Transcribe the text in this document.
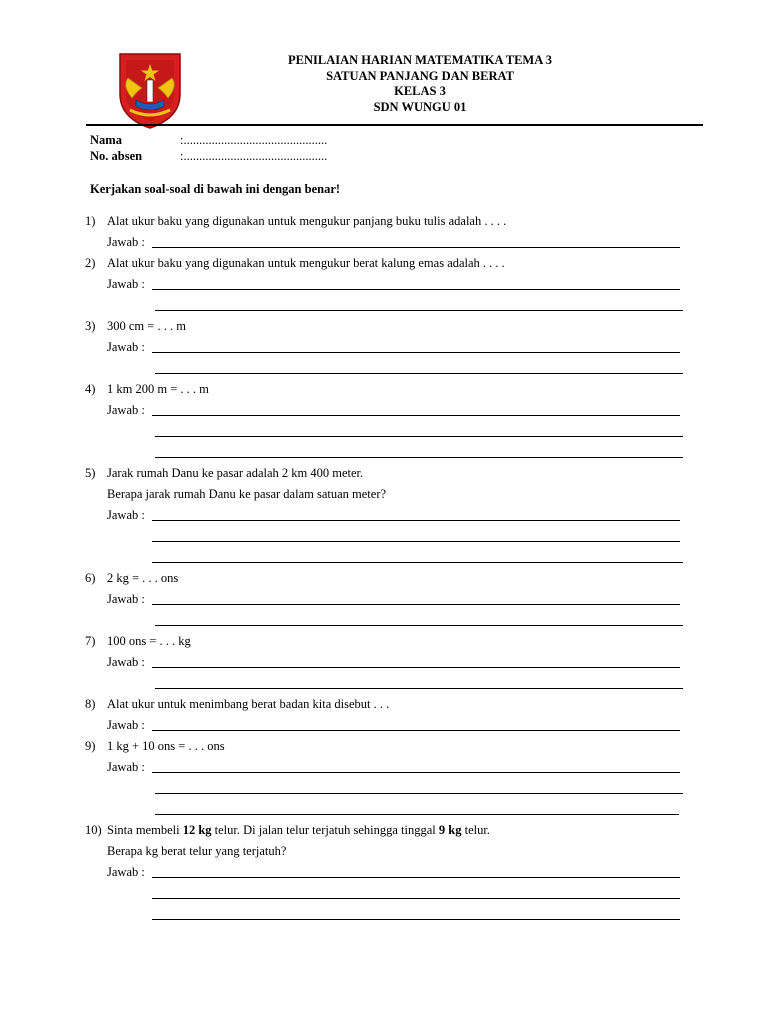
PENILAIAN HARIAN MATEMATIKA TEMA 3
SATUAN PANJANG DAN BERAT
KELAS 3
SDN WUNGU 01
Nama	:..............................................
No. absen	:..............................................
Kerjakan soal-soal di bawah ini dengan benar!
1) Alat ukur baku yang digunakan untuk mengukur panjang buku tulis adalah . . . .
Jawab :
2) Alat ukur baku yang digunakan untuk mengukur berat kalung emas adalah . . . .
Jawab :
3) 300 cm = . . . m
Jawab :
4) 1 km 200 m = . . . m
Jawab :
5) Jarak rumah Danu ke pasar adalah 2 km 400 meter.
Berapa jarak rumah Danu ke pasar dalam satuan meter?
Jawab :
6) 2 kg = . . . ons
Jawab :
7) 100 ons = . . . kg
Jawab :
8) Alat ukur untuk menimbang berat badan kita disebut . . .
Jawab :
9) 1 kg + 10 ons = . . . ons
Jawab :
10) Sinta membeli 12 kg telur. Di jalan telur terjatuh sehingga tinggal 9 kg telur.
Berapa kg berat telur yang terjatuh?
Jawab :
